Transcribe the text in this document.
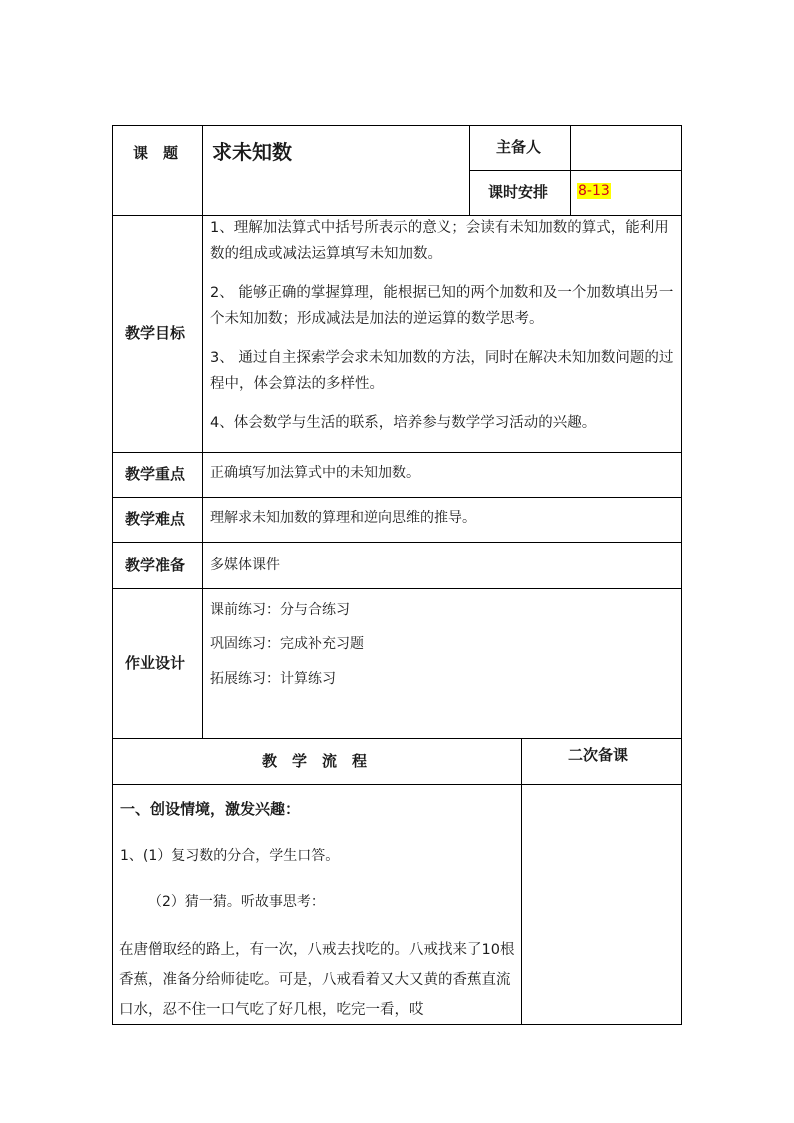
课　题 求未知数	主备人
课时安排 8-13
教学目标
1、理解加法算式中括号所表示的意义；会读有未知加数的算式，能利用数的组成或减法运算填写未知加数。
2、 能够正确的掌握算理，能根据已知的两个加数和及一个加数填出另一个未知加数；形成减法是加法的逆运算的数学思考。
3、 通过自主探索学会求未知加数的方法，同时在解决未知加数问题的过程中，体会算法的多样性。
4、体会数学与生活的联系，培养参与数学学习活动的兴趣。
教学重点 正确填写加法算式中的未知加数。
教学难点 理解求未知加数的算理和逆向思维的推导。
教学准备 多媒体课件
作业设计
课前练习：分与合练习
巩固练习：完成补充习题
拓展练习：计算练习
教　学　流　程	二次备课
一、创设情境，激发兴趣：
1、(1）复习数的分合，学生口答。
（2）猜一猜。听故事思考：
在唐僧取经的路上，有一次，八戒去找吃的。八戒找来了10根香蕉，准备分给师徒吃。可是，八戒看着又大又黄的香蕉直流口水，忍不住一口气吃了好几根，吃完一看，哎
